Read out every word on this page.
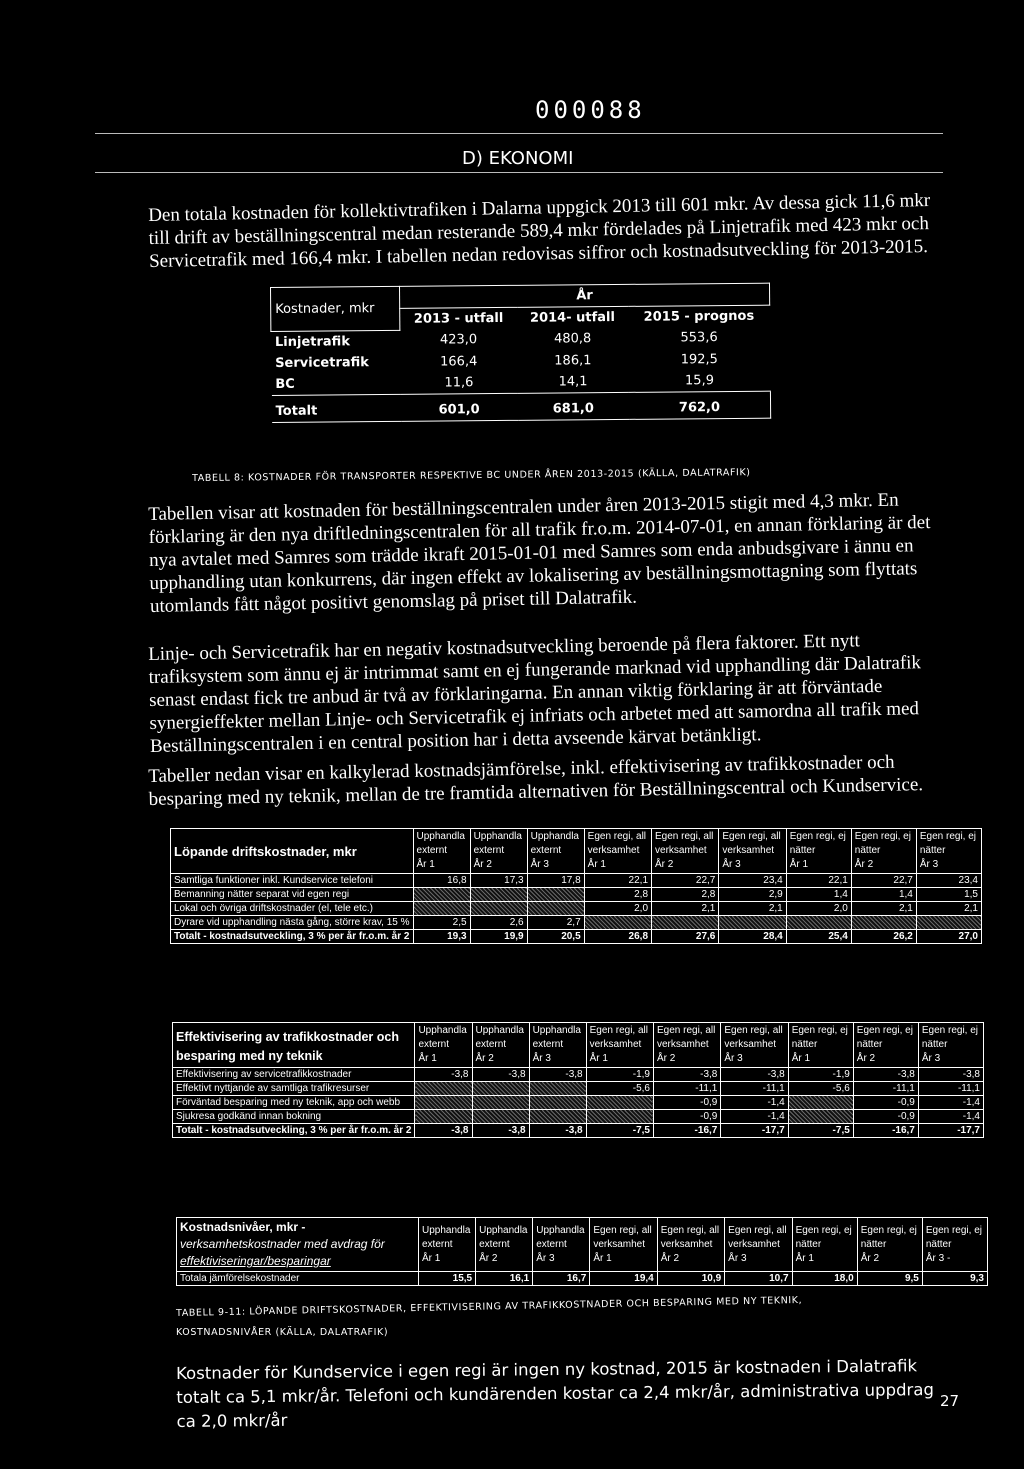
000088
D) EKONOMI

Den totala kostnaden för kollektivtrafiken i Dalarna uppgick 2013 till 601 mkr. Av dessa gick 11,6 mkr till drift av beställningscentral medan resterande 589,4 mkr fördelades på Linjetrafik med 423 mkr och Servicetrafik med 166,4 mkr. I tabellen nedan redovisas siffror och kostnadsutveckling för 2013-2015.

Kostnader, mkr	År		
	2013 - utfall	2014- utfall	2015 - prognos
Linjetrafik	423,0	480,8	553,6
Servicetrafik	166,4	186,1	192,5
BC	11,6	14,1	15,9
Totalt	601,0	681,0	762,0
TABELL 8: KOSTNADER FÖR TRANSPORTER RESPEKTIVE BC UNDER ÅREN 2013-2015 (KÄLLA, DALATRAFIK)

Tabellen visar att kostnaden för beställningscentralen under åren 2013-2015 stigit med 4,3 mkr. En förklaring är den nya driftledningscentralen för all trafik fr.o.m. 2014-07-01, en annan förklaring är det nya avtalet med Samres som trädde ikraft 2015-01-01 med Samres som enda anbudsgivare i ännu en upphandling utan konkurrens, där ingen effekt av lokalisering av beställningsmottagning som flyttats utomlands fått något positivt genomslag på priset till Dalatrafik.

Linje- och Servicetrafik har en negativ kostnadsutveckling beroende på flera faktorer. Ett nytt trafiksystem som ännu ej är intrimmat samt en ej fungerande marknad vid upphandling där Dalatrafik senast endast fick tre anbud är två av förklaringarna. En annan viktig förklaring är att förväntade synergieffekter mellan Linje- och Servicetrafik ej infriats och arbetet med att samordna all trafik med Beställningscentralen i en central position har i detta avseende kärvat betänkligt.

Tabeller nedan visar en kalkylerad kostnadsjämförelse, inkl. effektivisering av trafikkostnader och besparing med ny teknik, mellan de tre framtida alternativen för Beställningscentral och Kundservice.

Löpande driftskostnader, mkr	Upphandla
externt
År 1	Upphandla
externt
År 2	Upphandla
externt
År 3	Egen regi, all
verksamhet
År 1	Egen regi, all
verksamhet
År 2	Egen regi, all
verksamhet
År 3	Egen regi, ej
nätter
År 1	Egen regi, ej
nätter
År 2	Egen regi, ej
nätter
År 3
Samtliga funktioner inkl. Kundservice telefoni	16,8	17,3	17,8	22,1	22,7	23,4	22,1	22,7	23,4
Bemanning nätter separat vid egen regi				2,8	2,8	2,9	1,4	1,4	1,5
Lokal och övriga driftskostnader (el, tele etc.)				2,0	2,1	2,1	2,0	2,1	2,1
Dyrare vid upphandling nästa gång, större krav, 15 %	2,5	2,6	2,7						
Totalt - kostnadsutveckling, 3 % per år fr.o.m. år 2	19,3	19,9	20,5	26,8	27,6	28,4	25,4	26,2	27,0
Effektivisering av trafikkostnader och
besparing med ny teknik	Upphandla
externt
År 1	Upphandla
externt
År 2	Upphandla
externt
År 3	Egen regi, all
verksamhet
År 1	Egen regi, all
verksamhet
År 2	Egen regi, all
verksamhet
År 3	Egen regi, ej
nätter
År 1	Egen regi, ej
nätter
År 2	Egen regi, ej
nätter
År 3
Effektivisering av servicetrafikkostnader	-3,8	-3,8	-3,8	-1,9	-3,8	-3,8	-1,9	-3,8	-3,8
Effektivt nyttjande av samtliga trafikresurser				-5,6	-11,1	-11,1	-5,6	-11,1	-11,1
Förväntad besparing med ny teknik, app och webb					-0,9	-1,4		-0,9	-1,4
Sjukresa godkänd innan bokning					-0,9	-1,4		-0,9	-1,4
Totalt - kostnadsutveckling, 3 % per år fr.o.m. år 2	-3,8	-3,8	-3,8	-7,5	-16,7	-17,7	-7,5	-16,7	-17,7
Kostnadsnivåer, mkr -
verksamhetskostnader med avdrag för
effektiviseringar/besparingar	Upphandla
externt
År 1	Upphandla
externt
År 2	Upphandla
externt
År 3	Egen regi, all
verksamhet
År 1	Egen regi, all
verksamhet
År 2	Egen regi, all
verksamhet
År 3	Egen regi, ej
nätter
År 1	Egen regi, ej
nätter
År 2	Egen regi, ej
nätter
År 3 -
Totala jämförelsekostnader	15,5	16,1	16,7	19,4	10,9	10,7	18,0	9,5	9,3
TABELL 9-11: LÖPANDE DRIFTSKOSTNADER, EFFEKTIVISERING AV TRAFIKKOSTNADER OCH BESPARING MED NY TEKNIK,
KOSTNADSNIVÅER (KÄLLA, DALATRAFIK)

Kostnader för Kundservice i egen regi är ingen ny kostnad, 2015 är kostnaden i Dalatrafik totalt ca 5,1 mkr/år. Telefoni och kundärenden kostar ca 2,4 mkr/år, administrativa uppdrag ca 2,0 mkr/år

27
